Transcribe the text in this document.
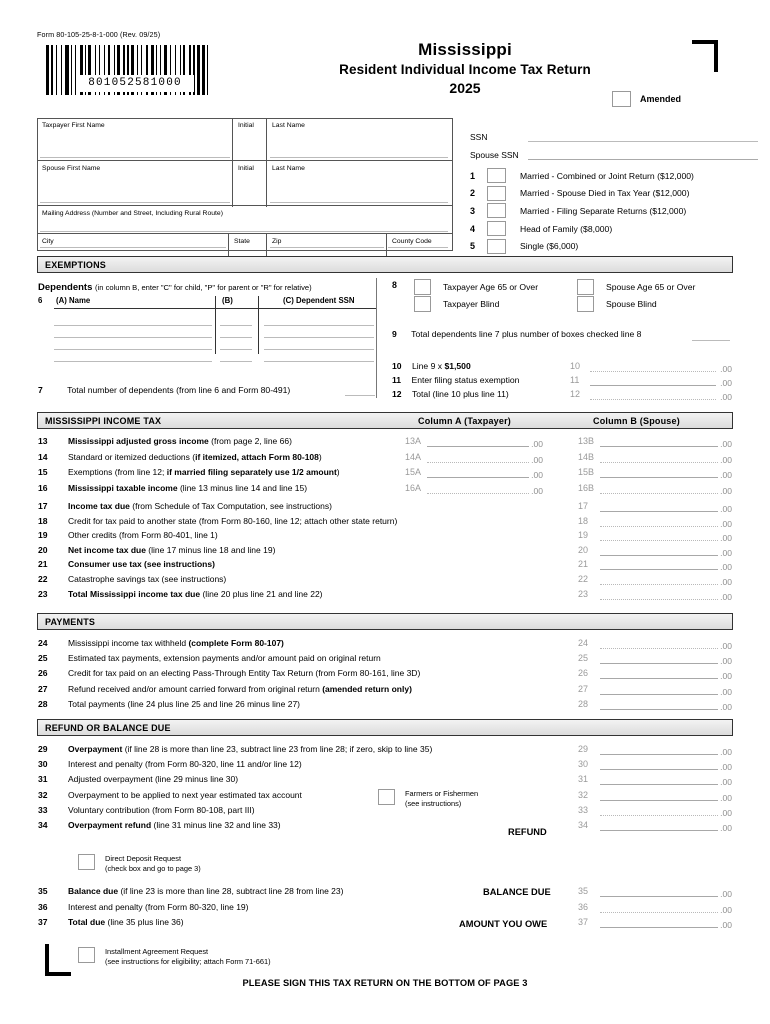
Form 80-105-25-8-1-000 (Rev. 09/25)
801052581000
Mississippi
Resident Individual Income Tax Return
2025
Amended
Taxpayer First Name	Initial	Last Name
Spouse First Name	Initial	Last Name
Mailing Address (Number and Street, Including Rural Route)
City	State	Zip	County Code
SSN
Spouse SSN
1	Married - Combined or Joint Return ($12,000)
2	Married - Spouse Died in Tax Year ($12,000)
3	Married - Filing Separate Returns ($12,000)
4	Head of Family ($8,000)
5	Single ($6,000)
EXEMPTIONS
Dependents (in column B, enter "C" for child, "P" for parent or "R" for relative)
6 (A) Name	(B)	(C) Dependent SSN
7	Total number of dependents (from line 6 and Form 80-491)
8	Taxpayer Age 65 or Over
Taxpayer Blind
Spouse Age 65 or Over
Spouse Blind
9 Total dependents line 7 plus number of boxes checked line 8
10 Line 9 x $1,500	10	.00
11 Enter filing status exemption	11	.00
12 Total (line 10 plus line 11)	12	.00
MISSISSIPPI INCOME TAX	Column A (Taxpayer)	Column B (Spouse)
13 Mississippi adjusted gross income (from page 2, line 66)	13A	.00	13B	.00
14 Standard or itemized deductions (if itemized, attach Form 80-108)	14A	.00	14B	.00
15 Exemptions (from line 12; if married filing separately use 1/2 amount)	15A	.00	15B	.00
16 Mississippi taxable income (line 13 minus line 14 and line 15)	16A	.00	16B	.00
17 Income tax due (from Schedule of Tax Computation, see instructions)	17	.00
18 Credit for tax paid to another state (from Form 80-160, line 12; attach other state return)	18	.00
19 Other credits (from Form 80-401, line 1)	19	.00
20 Net income tax due (line 17 minus line 18 and line 19)	20	.00
21 Consumer use tax (see instructions)	21	.00
22 Catastrophe savings tax (see instructions)	22	.00
23 Total Mississippi income tax due (line 20 plus line 21 and line 22)	23	.00
PAYMENTS
24 Mississippi income tax withheld (complete Form 80-107)	24	.00
25 Estimated tax payments, extension payments and/or amount paid on original return	25	.00
26 Credit for tax paid on an electing Pass-Through Entity Tax Return (from Form 80-161, line 3D)	26	.00
27 Refund received and/or amount carried forward from original return (amended return only)	27	.00
28 Total payments (line 24 plus line 25 and line 26 minus line 27)	28	.00
REFUND OR BALANCE DUE
29 Overpayment (if line 28 is more than line 23, subtract line 23 from line 28; if zero, skip to line 35)	29	.00
30 Interest and penalty (from Form 80-320, line 11 and/or line 12)	30	.00
31 Adjusted overpayment (line 29 minus line 30)	31	.00
32 Overpayment to be applied to next year estimated tax account	32	.00
33 Voluntary contribution (from Form 80-108, part III)	33	.00
34 Overpayment refund (line 31 minus line 32 and line 33)	34	.00
Farmers or Fishermen
(see instructions)
REFUND
Direct Deposit Request
(check box and go to page 3)
35 Balance due (if line 23 is more than line 28, subtract line 28 from line 23)	35	.00
36 Interest and penalty (from Form 80-320, line 19)	36	.00
37 Total due (line 35 plus line 36)	37	.00
BALANCE DUE
AMOUNT YOU OWE
Installment Agreement Request
(see instructions for eligibility; attach Form 71-661)
PLEASE SIGN THIS TAX RETURN ON THE BOTTOM OF PAGE 3
